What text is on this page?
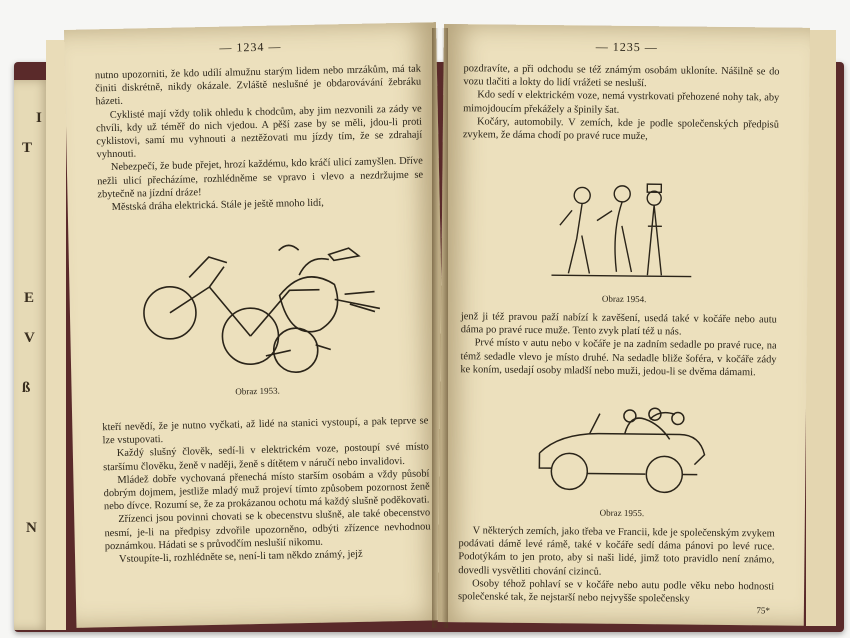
I
T
E
V
ß
N
— 1234 —

nutno upozorniti, že kdo udílí almužnu starým lidem nebo mrzákům, má tak činiti diskrétně, nikdy okázale. Zvláště neslušné je obdarovávání žebráku házeti.

Cyklisté mají vždy tolik ohledu k chodcům, aby jim nezvonili za zády ve chvíli, kdy už téměř do nich vjedou. A pěší zase by se měli, jdou-li proti cyklistovi, samí mu vyhnouti a neztěžovati mu jízdy tím, že se zdrahají vyhnouti.

Nebezpečí, že bude přejet, hrozí každému, kdo kráčí ulicí zamyšlen. Dříve nežli ulicí přecházíme, rozhlédněme se vpravo i vlevo a nezdržujme se zbytečně na jízdní dráze!

Městská dráha elektrická. Stále je ještě mnoho lidí,

Obraz 1953.

kteří nevědí, že je nutno vyčkati, až lidé na stanici vystoupí, a pak teprve se lze vstupovati.

Každý slušný člověk, sedí-li v elektrickém voze, postoupí své místo staršímu člověku, ženě v naději, ženě s dítětem v náručí nebo invalidovi.

Mládež dobře vychovaná přenechá místo starším osobám a vždy působí dobrým dojmem, jestliže mladý muž projeví tímto způsobem pozornost ženě nebo dívce. Rozumí se, že za prokázanou ochotu má každý slušně poděkovati.

Zřízenci jsou povinni chovati se k obecenstvu slušně, ale také obecenstvo nesmí, je-li na předpisy zdvořile upozorněno, odbýti zřízence nevhodnou poznámkou. Hádati se s průvodčím neslušií nikomu.

Vstoupíte-li, rozhlédněte se, není-li tam někdo známý, jejž

— 1235 —

pozdravíte, a při odchodu se též známým osobám ukloníte. Nášilně se do vozu tlačiti a lokty do lidí vrážeti se nesluší.

Kdo sedí v elektrickém voze, nemá vystrkovati přehozené nohy tak, aby mimojdoucím překážely a špinily šat.

Kočáry, automobily. V zemích, kde je podle společenských předpisů zvykem, že dáma chodí po pravé ruce muže,

Obraz 1954.

jenž ji též pravou paží nabízí k zavěšení, usedá také v kočáře nebo autu dáma po pravé ruce muže. Tento zvyk platí též u nás.

Prvé místo v autu nebo v kočáře je na zadním sedadle po pravé ruce, na témž sedadle vlevo je místo druhé. Na sedadle bliže šoféra, v kočáře zády ke koním, usedají osoby mladší nebo muži, jedou-li se dvěma dámami.

Obraz 1955.

V některých zemích, jako třeba ve Francii, kde je společenským zvykem podávati dámě levé rámě, také v kočáře sedí dáma pánovi po levé ruce. Podotýkám to jen proto, aby si naši lidé, jimž toto pravidlo není známo, dovedli vysvětliti chování cizinců.

Osoby téhož pohlaví se v kočáře nebo autu podle věku nebo hodnosti společenské tak, že nejstarší nebo nejvyšše společensky

75*
